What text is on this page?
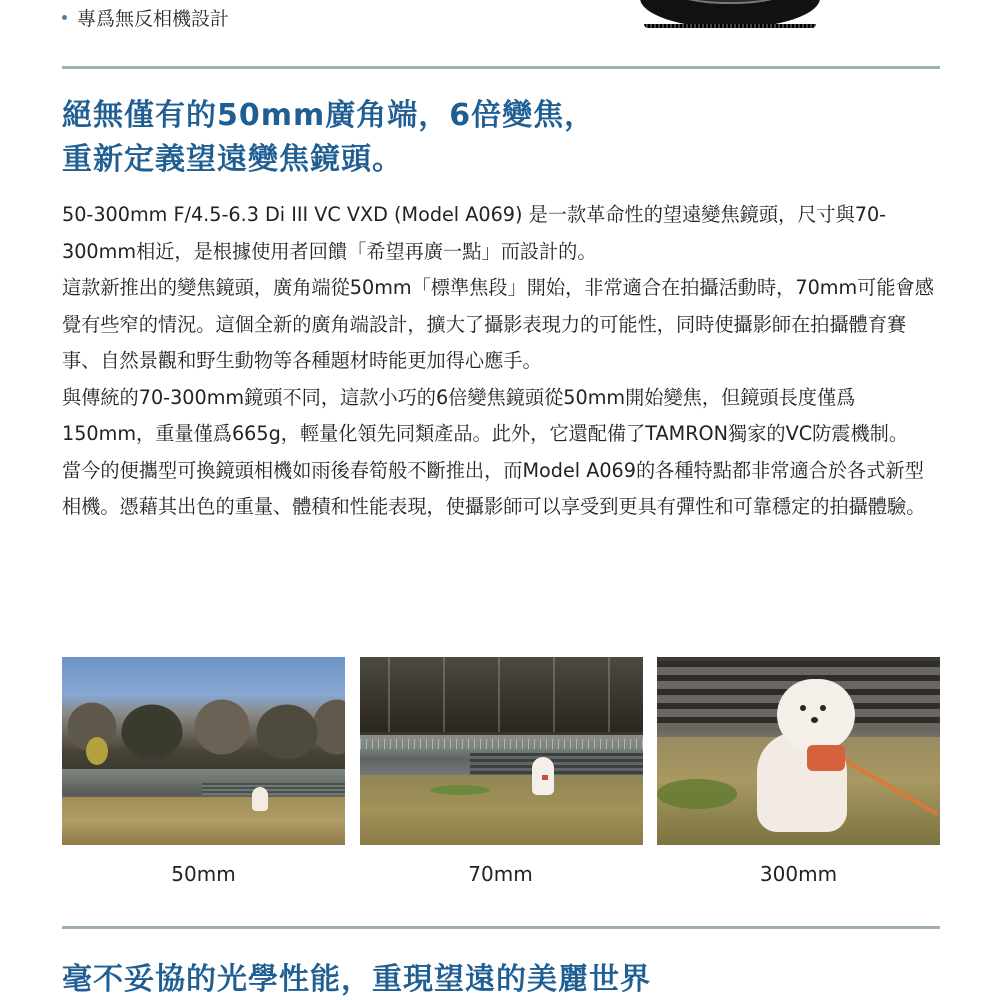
專爲無反相機設計
絕無僅有的50mm廣角端，6倍變焦，
重新定義望遠變焦鏡頭。

50-300mm F/4.5-6.3 Di III VC VXD (Model A069) 是一款革命性的望遠變焦鏡頭，尺寸與70-300mm相近，是根據使用者回饋「希望再廣一點」而設計的。

這款新推出的變焦鏡頭，廣角端從50mm「標準焦段」開始，非常適合在拍攝活動時，70mm可能會感覺有些窄的情況。這個全新的廣角端設計，擴大了攝影表現力的可能性，同時使攝影師在拍攝體育賽事、自然景觀和野生動物等各種題材時能更加得心應手。

與傳統的70-300mm鏡頭不同，這款小巧的6倍變焦鏡頭從50mm開始變焦，但鏡頭長度僅爲150mm，重量僅爲665g，輕量化領先同類產品。此外，它還配備了TAMRON獨家的VC防震機制。

當今的便攜型可換鏡頭相機如雨後春筍般不斷推出，而Model A069的各種特點都非常適合於各式新型相機。憑藉其出色的重量、體積和性能表現，使攝影師可以享受到更具有彈性和可靠穩定的拍攝體驗。

50mm	70mm	300mm
毫不妥協的光學性能，重現望遠的美麗世界
